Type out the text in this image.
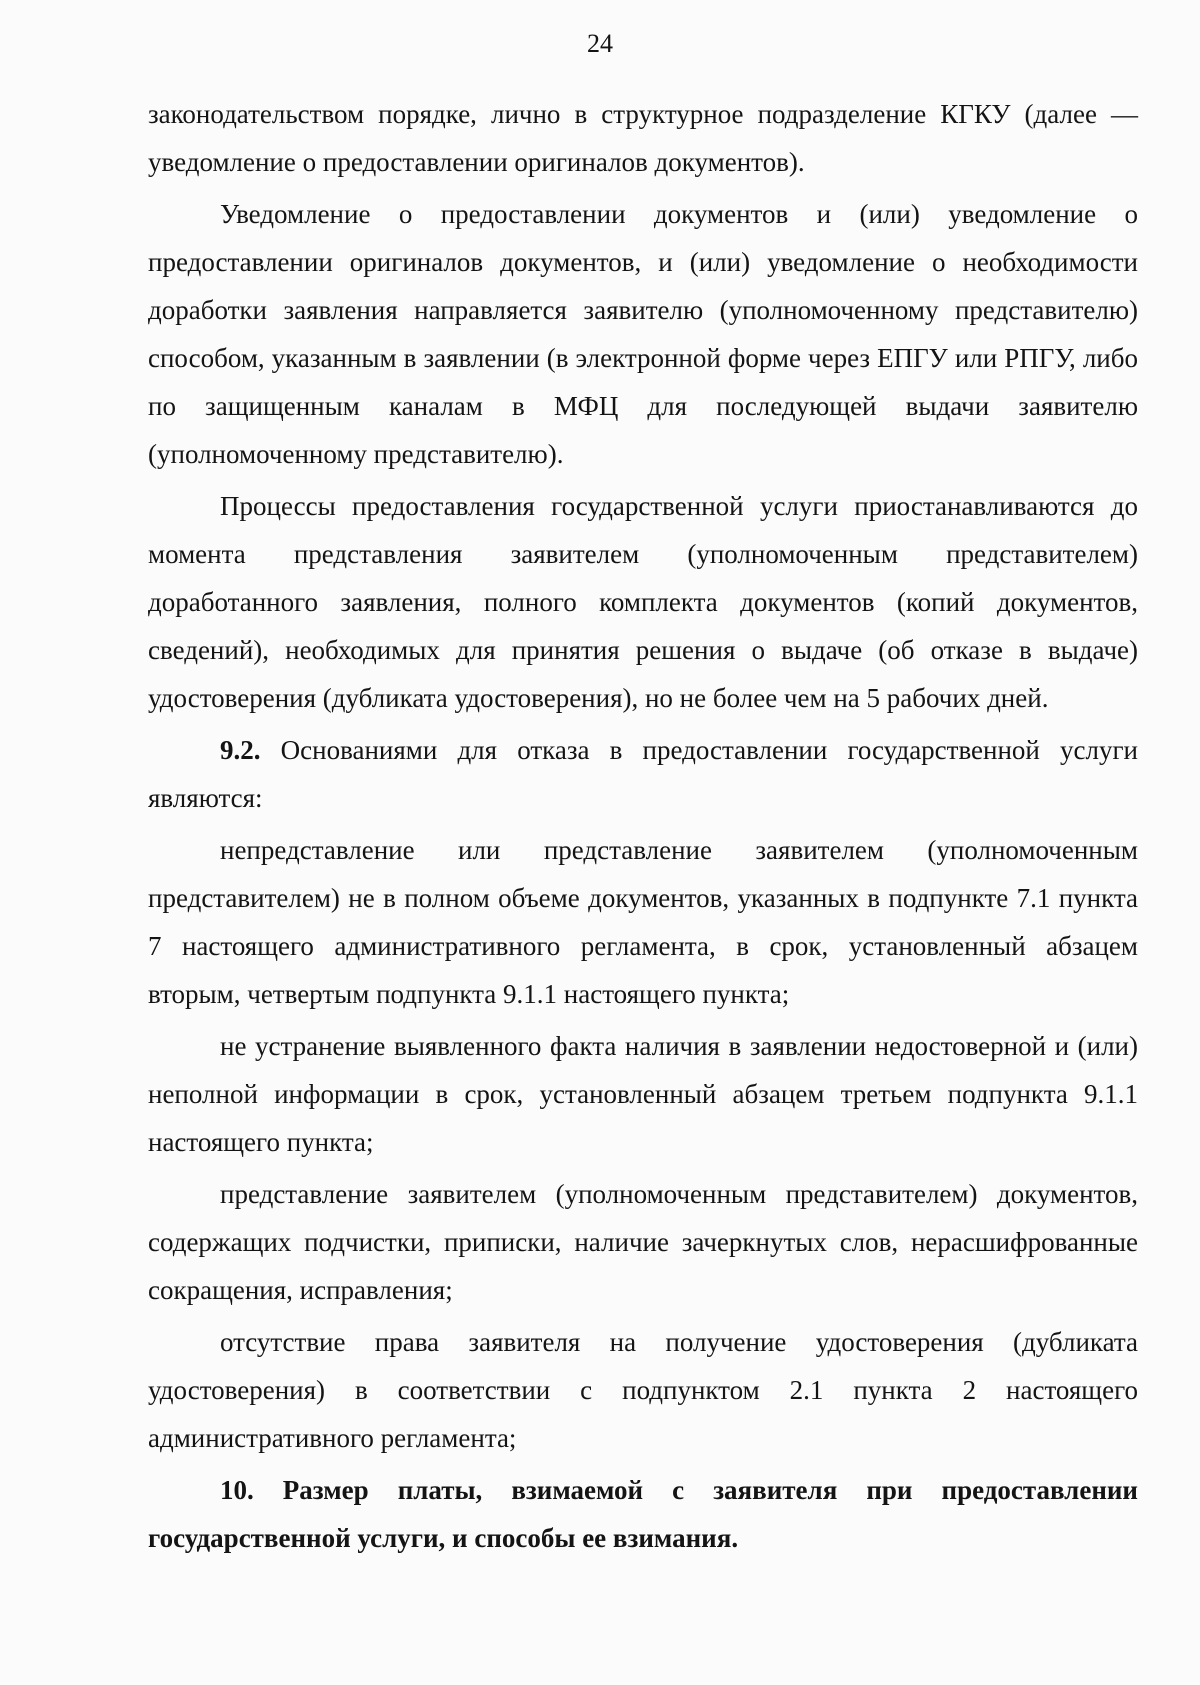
24

законодательством порядке, лично в структурное подразделение КГКУ (далее — уведомление о предоставлении оригиналов документов).

Уведомление о предоставлении документов и (или) уведомление о предоставлении оригиналов документов, и (или) уведомление о необходимости доработки заявления направляется заявителю (уполномоченному представителю) способом, указанным в заявлении (в электронной форме через ЕПГУ или РПГУ, либо по защищенным каналам в МФЦ для последующей выдачи заявителю (уполномоченному представителю).

Процессы предоставления государственной услуги приостанавливаются до момента представления заявителем (уполномоченным представителем) доработанного заявления, полного комплекта документов (копий документов, сведений), необходимых для принятия решения о выдаче (об отказе в выдаче) удостоверения (дубликата удостоверения), но не более чем на 5 рабочих дней.

9.2. Основаниями для отказа в предоставлении государственной услуги являются:

непредставление или представление заявителем (уполномоченным представителем) не в полном объеме документов, указанных в подпункте 7.1 пункта 7 настоящего административного регламента, в срок, установленный абзацем вторым, четвертым подпункта 9.1.1 настоящего пункта;

не устранение выявленного факта наличия в заявлении недостоверной и (или) неполной информации в срок, установленный абзацем третьем подпункта 9.1.1 настоящего пункта;

представление заявителем (уполномоченным представителем) документов, содержащих подчистки, приписки, наличие зачеркнутых слов, нерасшифрованные сокращения, исправления;

отсутствие права заявителя на получение удостоверения (дубликата удостоверения) в соответствии с подпунктом 2.1 пункта 2 настоящего административного регламента;

10. Размер платы, взимаемой с заявителя при предоставлении государственной услуги, и способы ее взимания.
